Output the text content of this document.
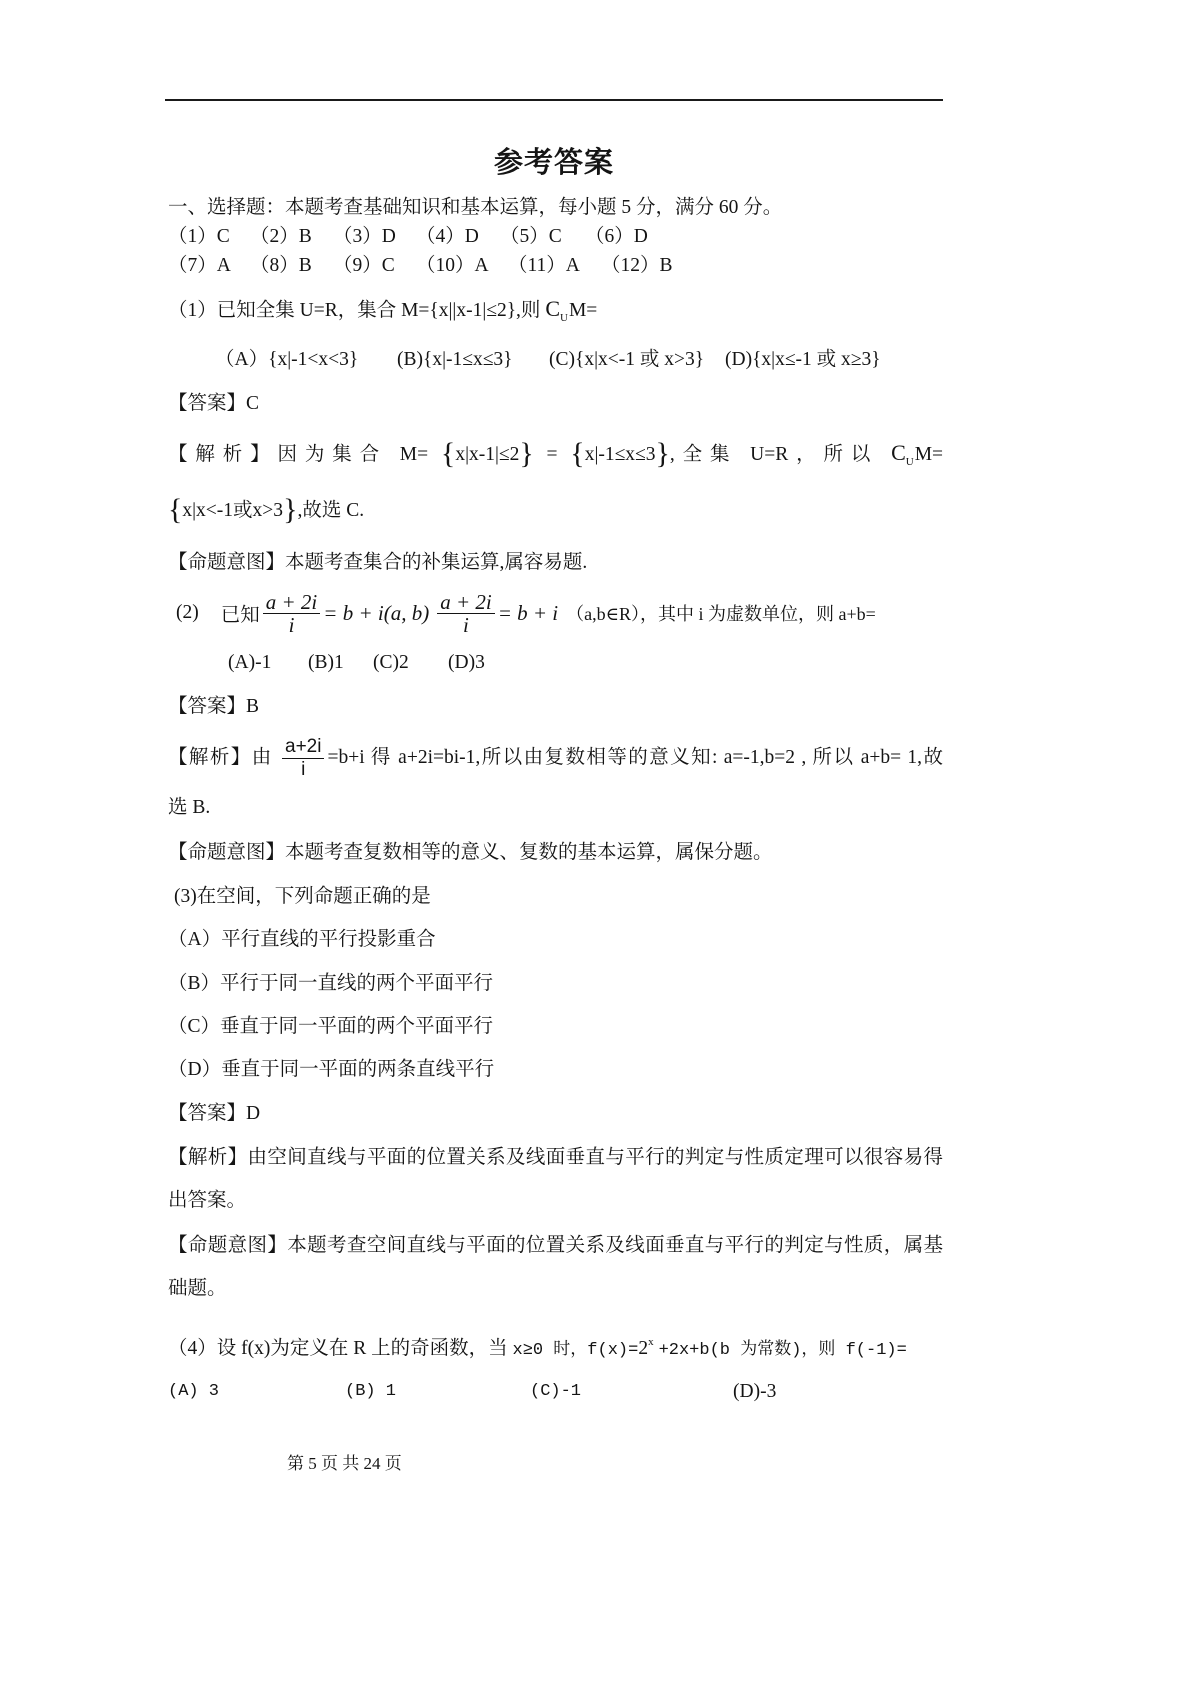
参考答案
一、选择题：本题考查基础知识和基本运算，每小题 5 分，满分 60 分。
（1）C （2）B （3）D （4）D （5）C （6）D
（7）A （8）B （9）C （10）A （11）A （12）B
（1）已知全集 U=R，集合 M={x||x-1|≤2},则 $C_UM=$
（A）{x|-1<x<3} (B){x|-1≤x≤3} (C){x|x<-1 或 x>3} (D){x|x≤-1 或 x≥3}
【答案】C
【解析】因为集合 M= {x|x-1|≤2} = {x|-1≤x≤3},全集 U=R，所以 $C_UM=$
{x|x<-1或x>3},故选 C.
【命题意图】本题考查集合的补集运算,属容易题.
(2) 已知 $\frac{a + 2i}{i} = b + i(a$, $b) \frac{a + 2i}{i} = b + i$ （a,b∈R），其中 i 为虚数单位，则 a+b=
(A)-1 (B)1 (C)2 (D)3
【答案】B
【解析】由 $\frac{a+2i}{i} =b+i$ 得 a+2i=bi-1,所以由复数相等的意义知: a=-1,b=2 , 所以 a+b= 1,故
选 B.
【命题意图】本题考查复数相等的意义、复数的基本运算，属保分题。
(3)在空间，下列命题正确的是
（A）平行直线的平行投影重合
（B）平行于同一直线的两个平面平行
（C）垂直于同一平面的两个平面平行
（D）垂直于同一平面的两条直线平行
【答案】D
【解析】由空间直线与平面的位置关系及线面垂直与平行的判定与性质定理可以很容易得
出答案。
【命题意图】本题考查空间直线与平面的位置关系及线面垂直与平行的判定与性质，属基
础题。
（4）设 f(x)为定义在 R 上的奇函数，当 x≥0 时，$f(x)=2^x +2x+b(b$ 为常数)，则 f(-1)=
(A) 3	(B) 1	(C)-1	(D)-3
第 5 页 共 24 页
